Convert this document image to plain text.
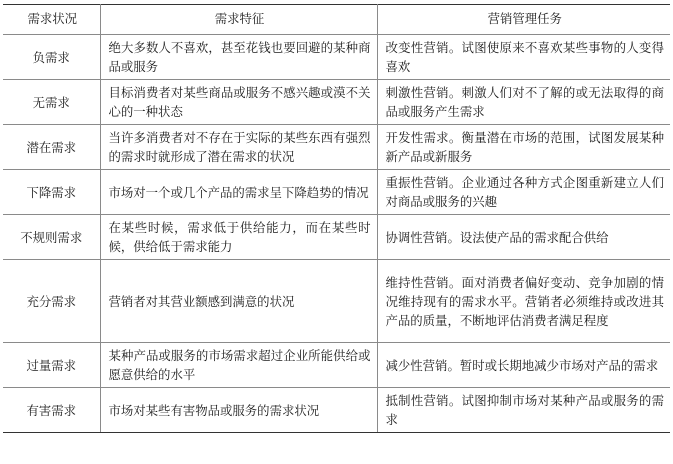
需求状况	需求特征	营销管理任务
负需求	绝大多数人不喜欢，甚至花钱也要回避的某种商品或服务	改变性营销。试图使原来不喜欢某些事物的人变得喜欢
无需求	目标消费者对某些商品或服务不感兴趣或漠不关心的一种状态	刺激性营销。刺激人们对不了解的或无法取得的商品或服务产生需求
潜在需求	当许多消费者对不存在于实际的某些东西有强烈的需求时就形成了潜在需求的状况	开发性需求。衡量潜在市场的范围，试图发展某种新产品或新服务
下降需求	市场对一个或几个产品的需求呈下降趋势的情况	重振性营销。企业通过各种方式企图重新建立人们对商品或服务的兴趣
不规则需求	在某些时候，需求低于供给能力，而在某些时候，供给低于需求能力	协调性营销。设法使产品的需求配合供给
充分需求	营销者对其营业额感到满意的状况	维持性营销。面对消费者偏好变动、竞争加剧的情况维持现有的需求水平。营销者必须维持或改进其产品的质量，不断地评估消费者满足程度
过量需求	某种产品或服务的市场需求超过企业所能供给或愿意供给的水平	减少性营销。暂时或长期地减少市场对产品的需求
有害需求	市场对某些有害物品或服务的需求状况	抵制性营销。试图抑制市场对某种产品或服务的需求
